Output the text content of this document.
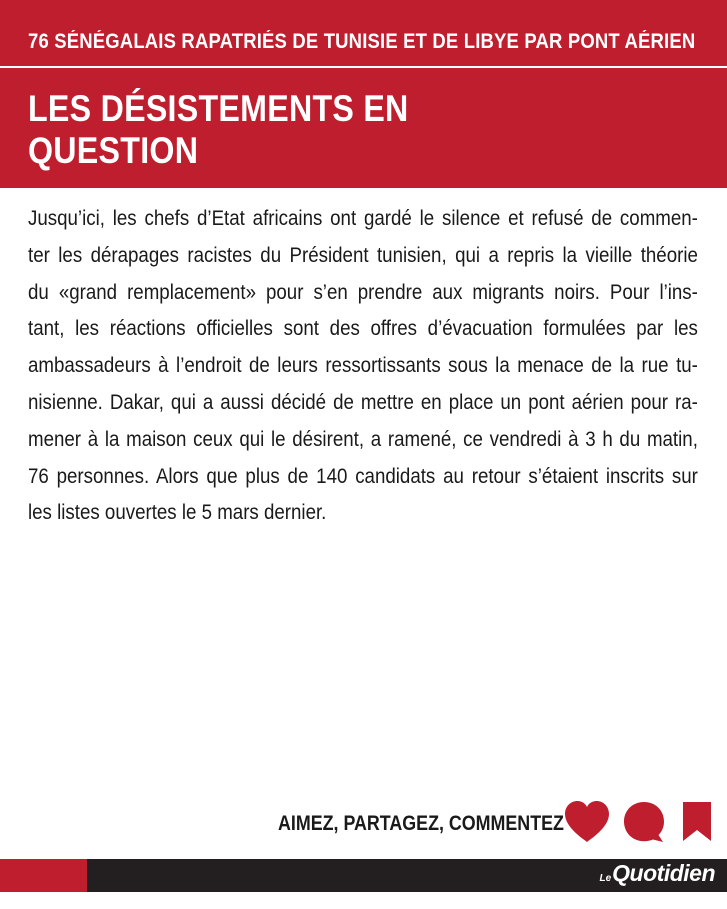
76 SÉNÉGALAIS RAPATRIÉS DE TUNISIE ET DE LIBYE PAR PONT AÉRIEN
LES DÉSISTEMENTS EN
QUESTION
Jusqu’ici, les chefs d’Etat africains ont gardé le silence et refusé de commen-
ter les dérapages racistes du Président tunisien, qui a repris la vieille théorie
du «grand remplacement» pour s’en prendre aux migrants noirs. Pour l’ins-
tant, les réactions officielles sont des offres d’évacuation formulées par les
ambassadeurs à l’endroit de leurs ressortissants sous la menace de la rue tu-
nisienne. Dakar, qui a aussi décidé de mettre en place un pont aérien pour ra-
mener à la maison ceux qui le désirent, a ramené, ce vendredi à 3 h du matin,
76 personnes. Alors que plus de 140 candidats au retour s’étaient inscrits sur
les listes ouvertes le 5 mars dernier.
AIMEZ, PARTAGEZ, COMMENTEZ
LeQuotidien
